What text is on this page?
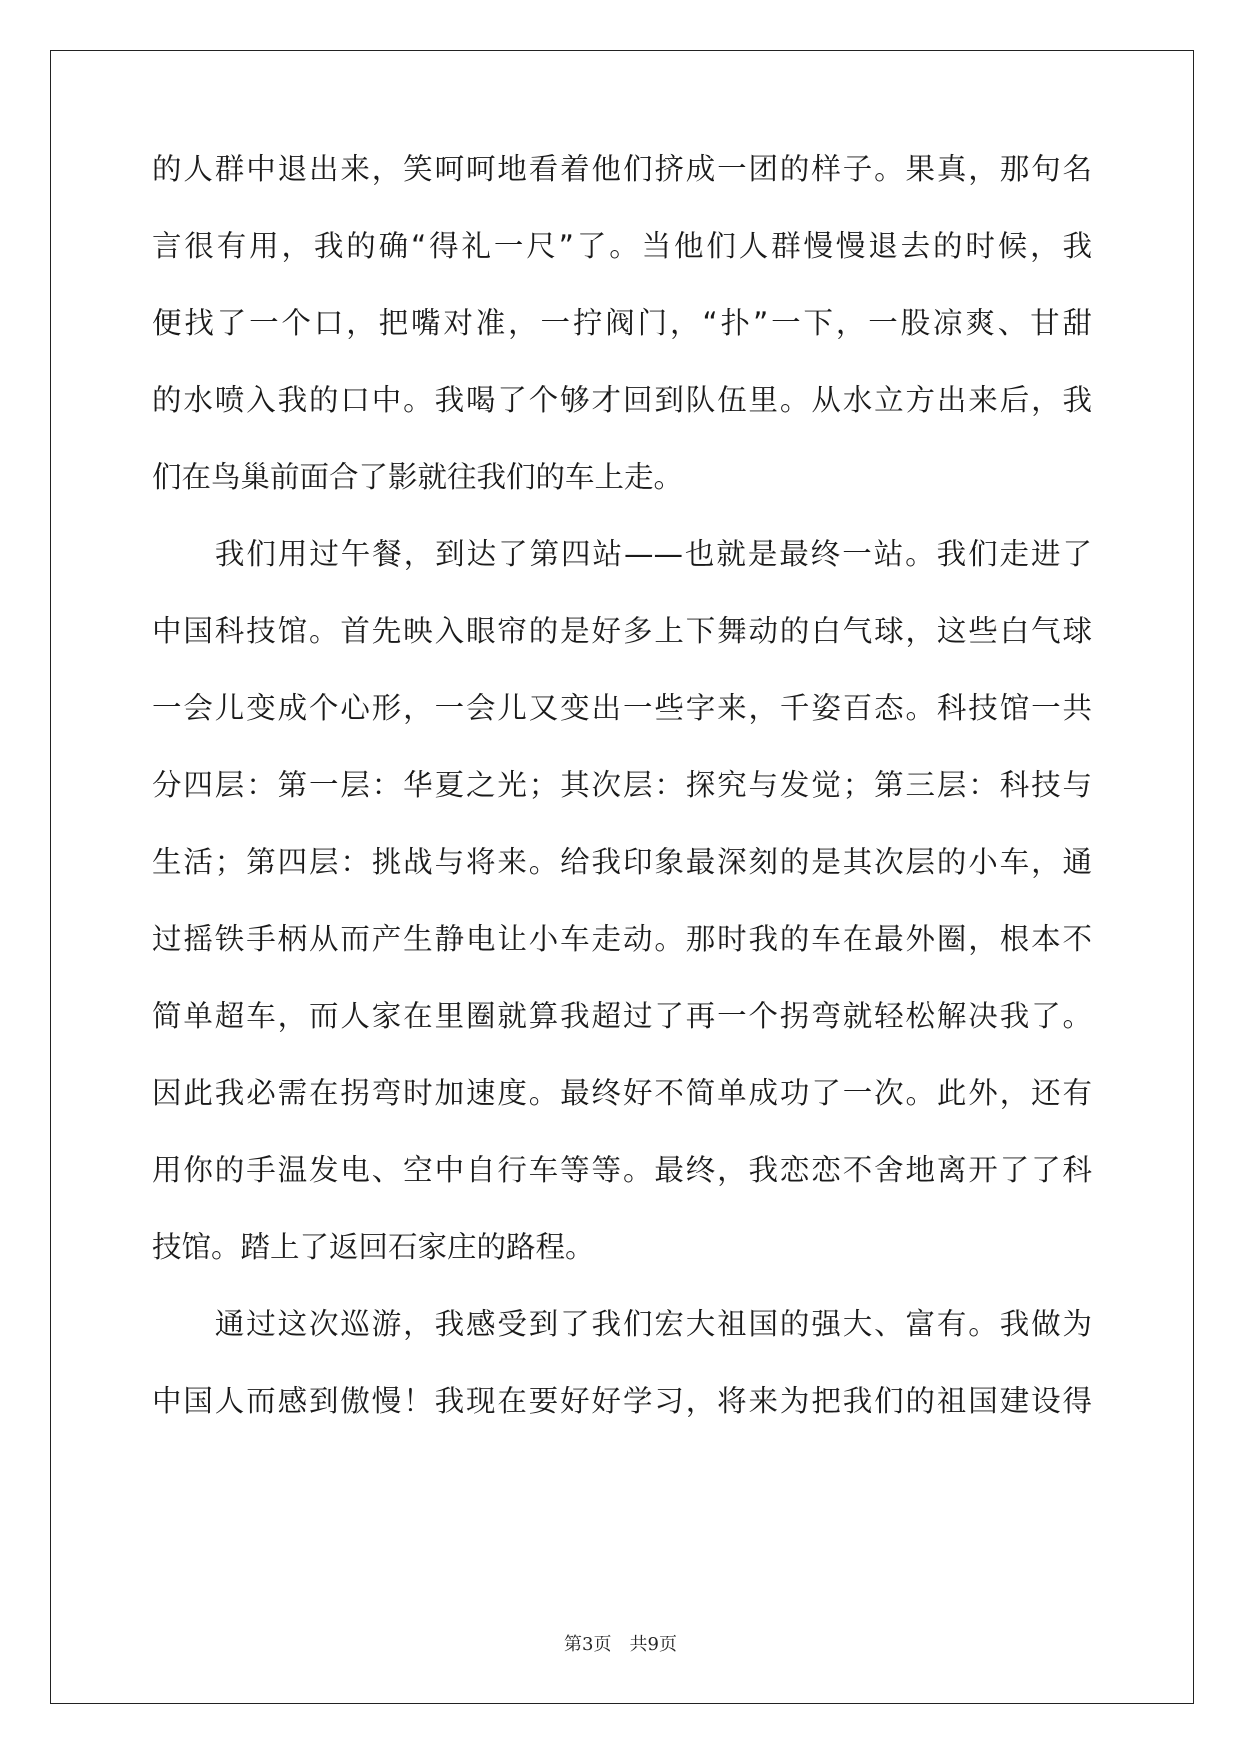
的人群中退出来，笑呵呵地看着他们挤成一团的样子。果真，那句名
言很有用，我的确“得礼一尺”了。当他们人群慢慢退去的时候，我
便找了一个口，把嘴对准，一拧阀门，“扑”一下，一股凉爽、甘甜
的水喷入我的口中。我喝了个够才回到队伍里。从水立方出来后，我
们在鸟巢前面合了影就往我们的车上走。
　　我们用过午餐，到达了第四站——也就是最终一站。我们走进了
中国科技馆。首先映入眼帘的是好多上下舞动的白气球，这些白气球
一会儿变成个心形，一会儿又变出一些字来，千姿百态。科技馆一共
分四层：第一层：华夏之光；其次层：探究与发觉；第三层：科技与
生活；第四层：挑战与将来。给我印象最深刻的是其次层的小车，通
过摇铁手柄从而产生静电让小车走动。那时我的车在最外圈，根本不
简单超车，而人家在里圈就算我超过了再一个拐弯就轻松解决我了。
因此我必需在拐弯时加速度。最终好不简单成功了一次。此外，还有
用你的手温发电、空中自行车等等。最终，我恋恋不舍地离开了了科
技馆。踏上了返回石家庄的路程。
　　通过这次巡游，我感受到了我们宏大祖国的强大、富有。我做为
中国人而感到傲慢！我现在要好好学习，将来为把我们的祖国建设得
第3页　共9页
